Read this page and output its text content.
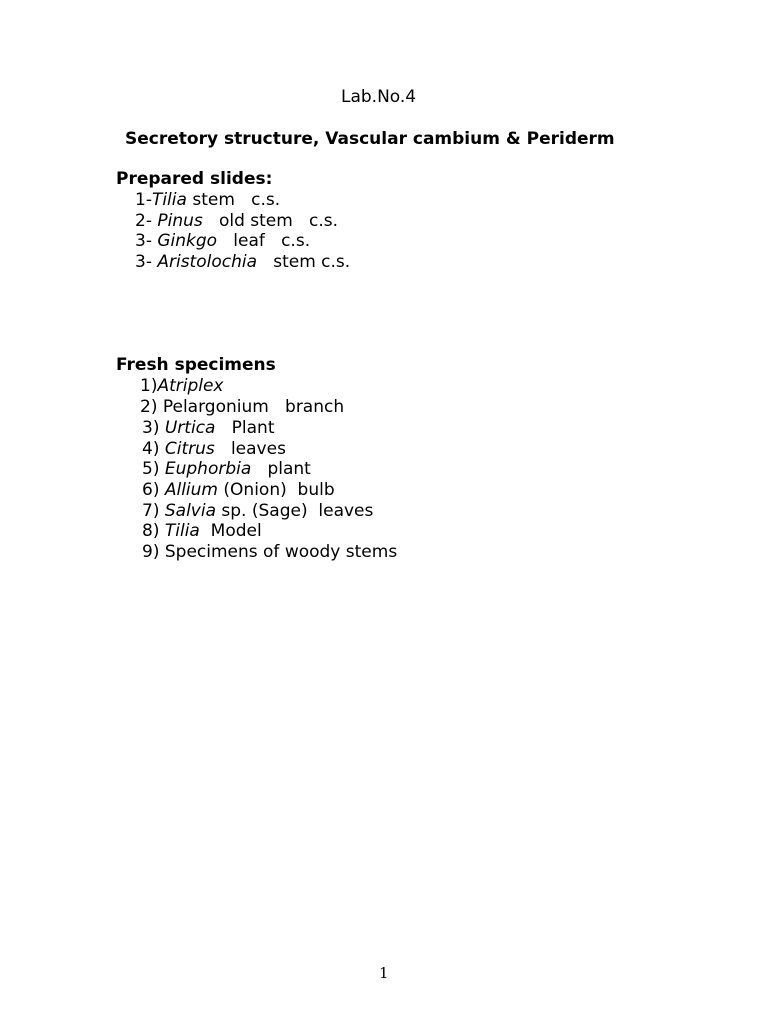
Lab.No.4
Secretory structure, Vascular cambium & Periderm
Prepared slides:
1-Tilia stem   c.s.
2- Pinus   old stem   c.s.
3- Ginkgo   leaf   c.s.
3- Aristolochia   stem c.s.
Fresh specimens
1)Atriplex
2) Pelargonium   branch
3) Urtica   Plant
4) Citrus   leaves
5) Euphorbia   plant
6) Allium (Onion)  bulb
7) Salvia sp. (Sage)  leaves
8) Tilia  Model
9) Specimens of woody stems
1
